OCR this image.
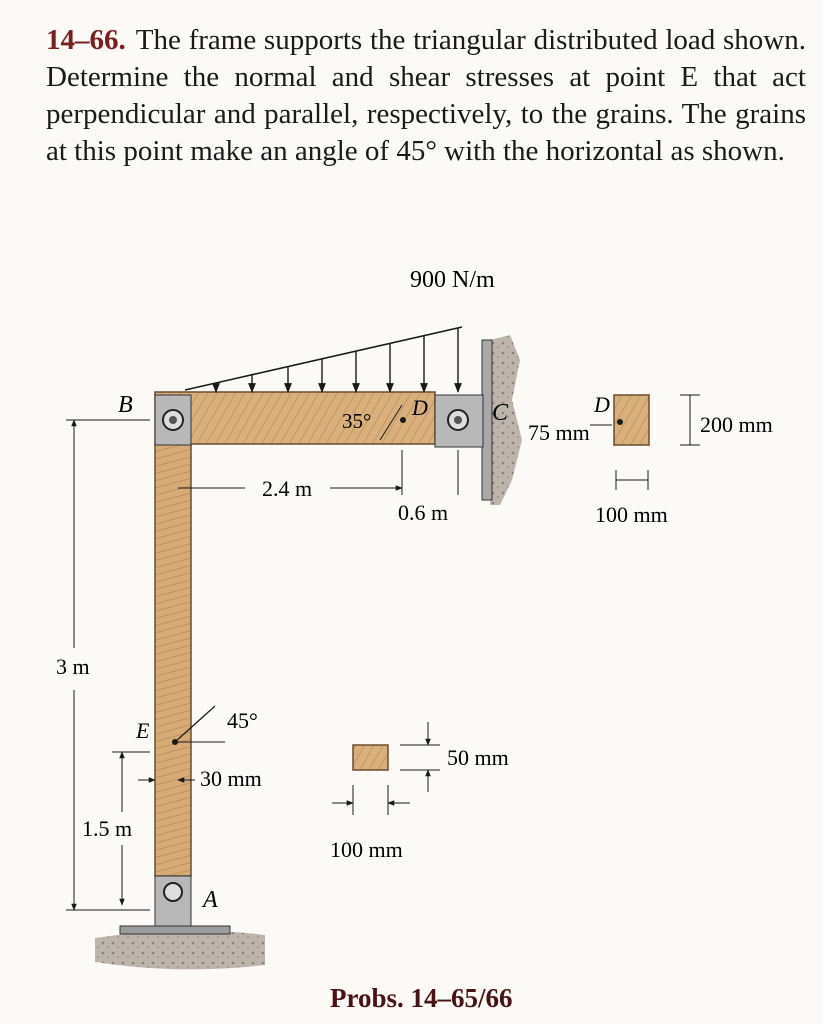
14–66. The frame supports the triangular distributed load shown. Determine the normal and shear stresses at point E that act perpendicular and parallel, respectively, to the grains. The grains at this point make an angle of 45° with the horizontal as shown.
900 N/m
B	C
D
35°
E	45°
A
2.4 m
0.6 m
3 m
1.5 m
30 mm
D
75 mm	200 mm
100 mm
50 mm
100 mm
Probs. 14–65/66
